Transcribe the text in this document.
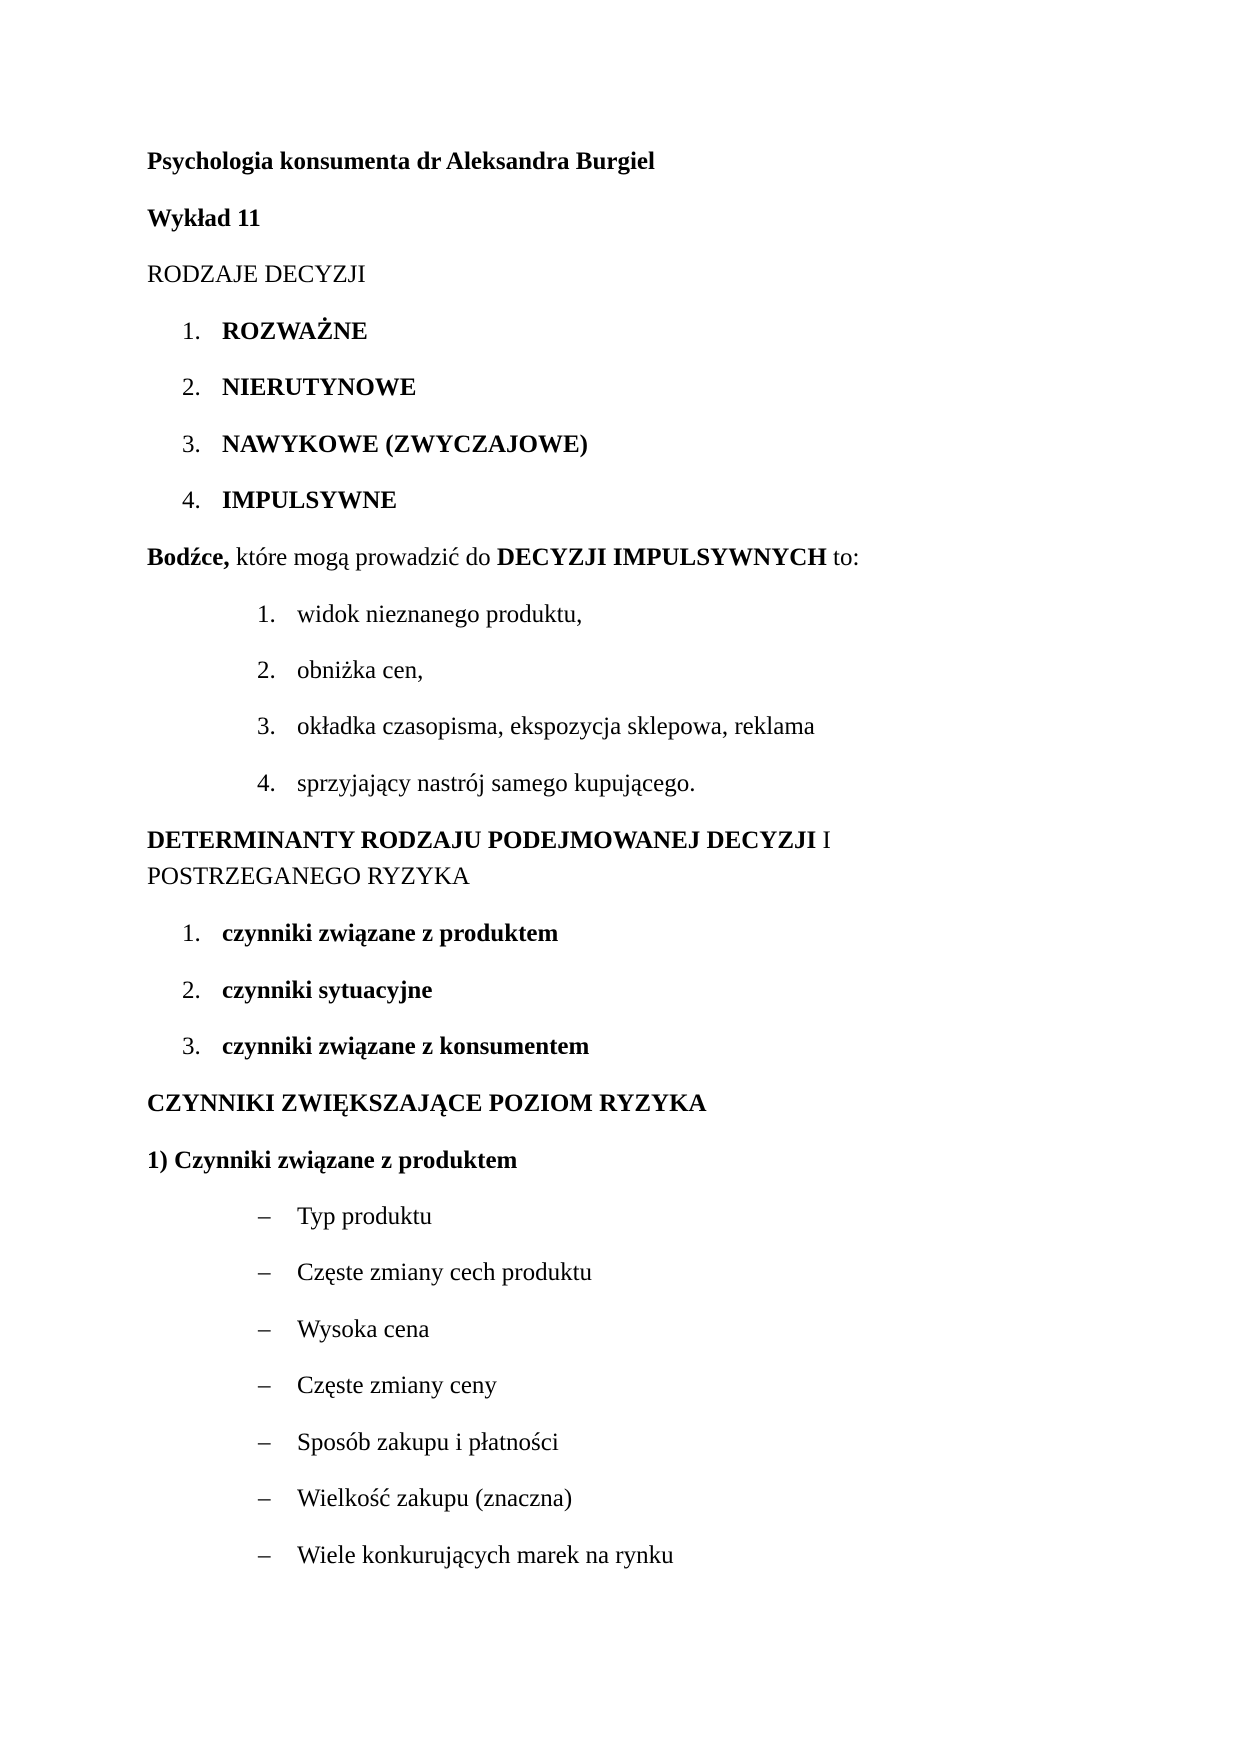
Psychologia konsumenta dr Aleksandra Burgiel
Wykład 11
RODZAJE DECYZJI
1. ROZWAŻNE
2. NIERUTYNOWE
3. NAWYKOWE (ZWYCZAJOWE)
4. IMPULSYWNE
Bodźce, które mogą prowadzić do DECYZJI IMPULSYWNYCH to:
1. widok nieznanego produktu,
2. obniżka cen,
3. okładka czasopisma, ekspozycja sklepowa, reklama
4. sprzyjający nastrój samego kupującego.
DETERMINANTY RODZAJU PODEJMOWANEJ DECYZJI I
POSTRZEGANEGO RYZYKA
1. czynniki związane z produktem
2. czynniki sytuacyjne
3. czynniki związane z konsumentem
CZYNNIKI ZWIĘKSZAJĄCE POZIOM RYZYKA
1) Czynniki związane z produktem
– Typ produktu
– Częste zmiany cech produktu
– Wysoka cena
– Częste zmiany ceny
– Sposób zakupu i płatności
– Wielkość zakupu (znaczna)
– Wiele konkurujących marek na rynku
